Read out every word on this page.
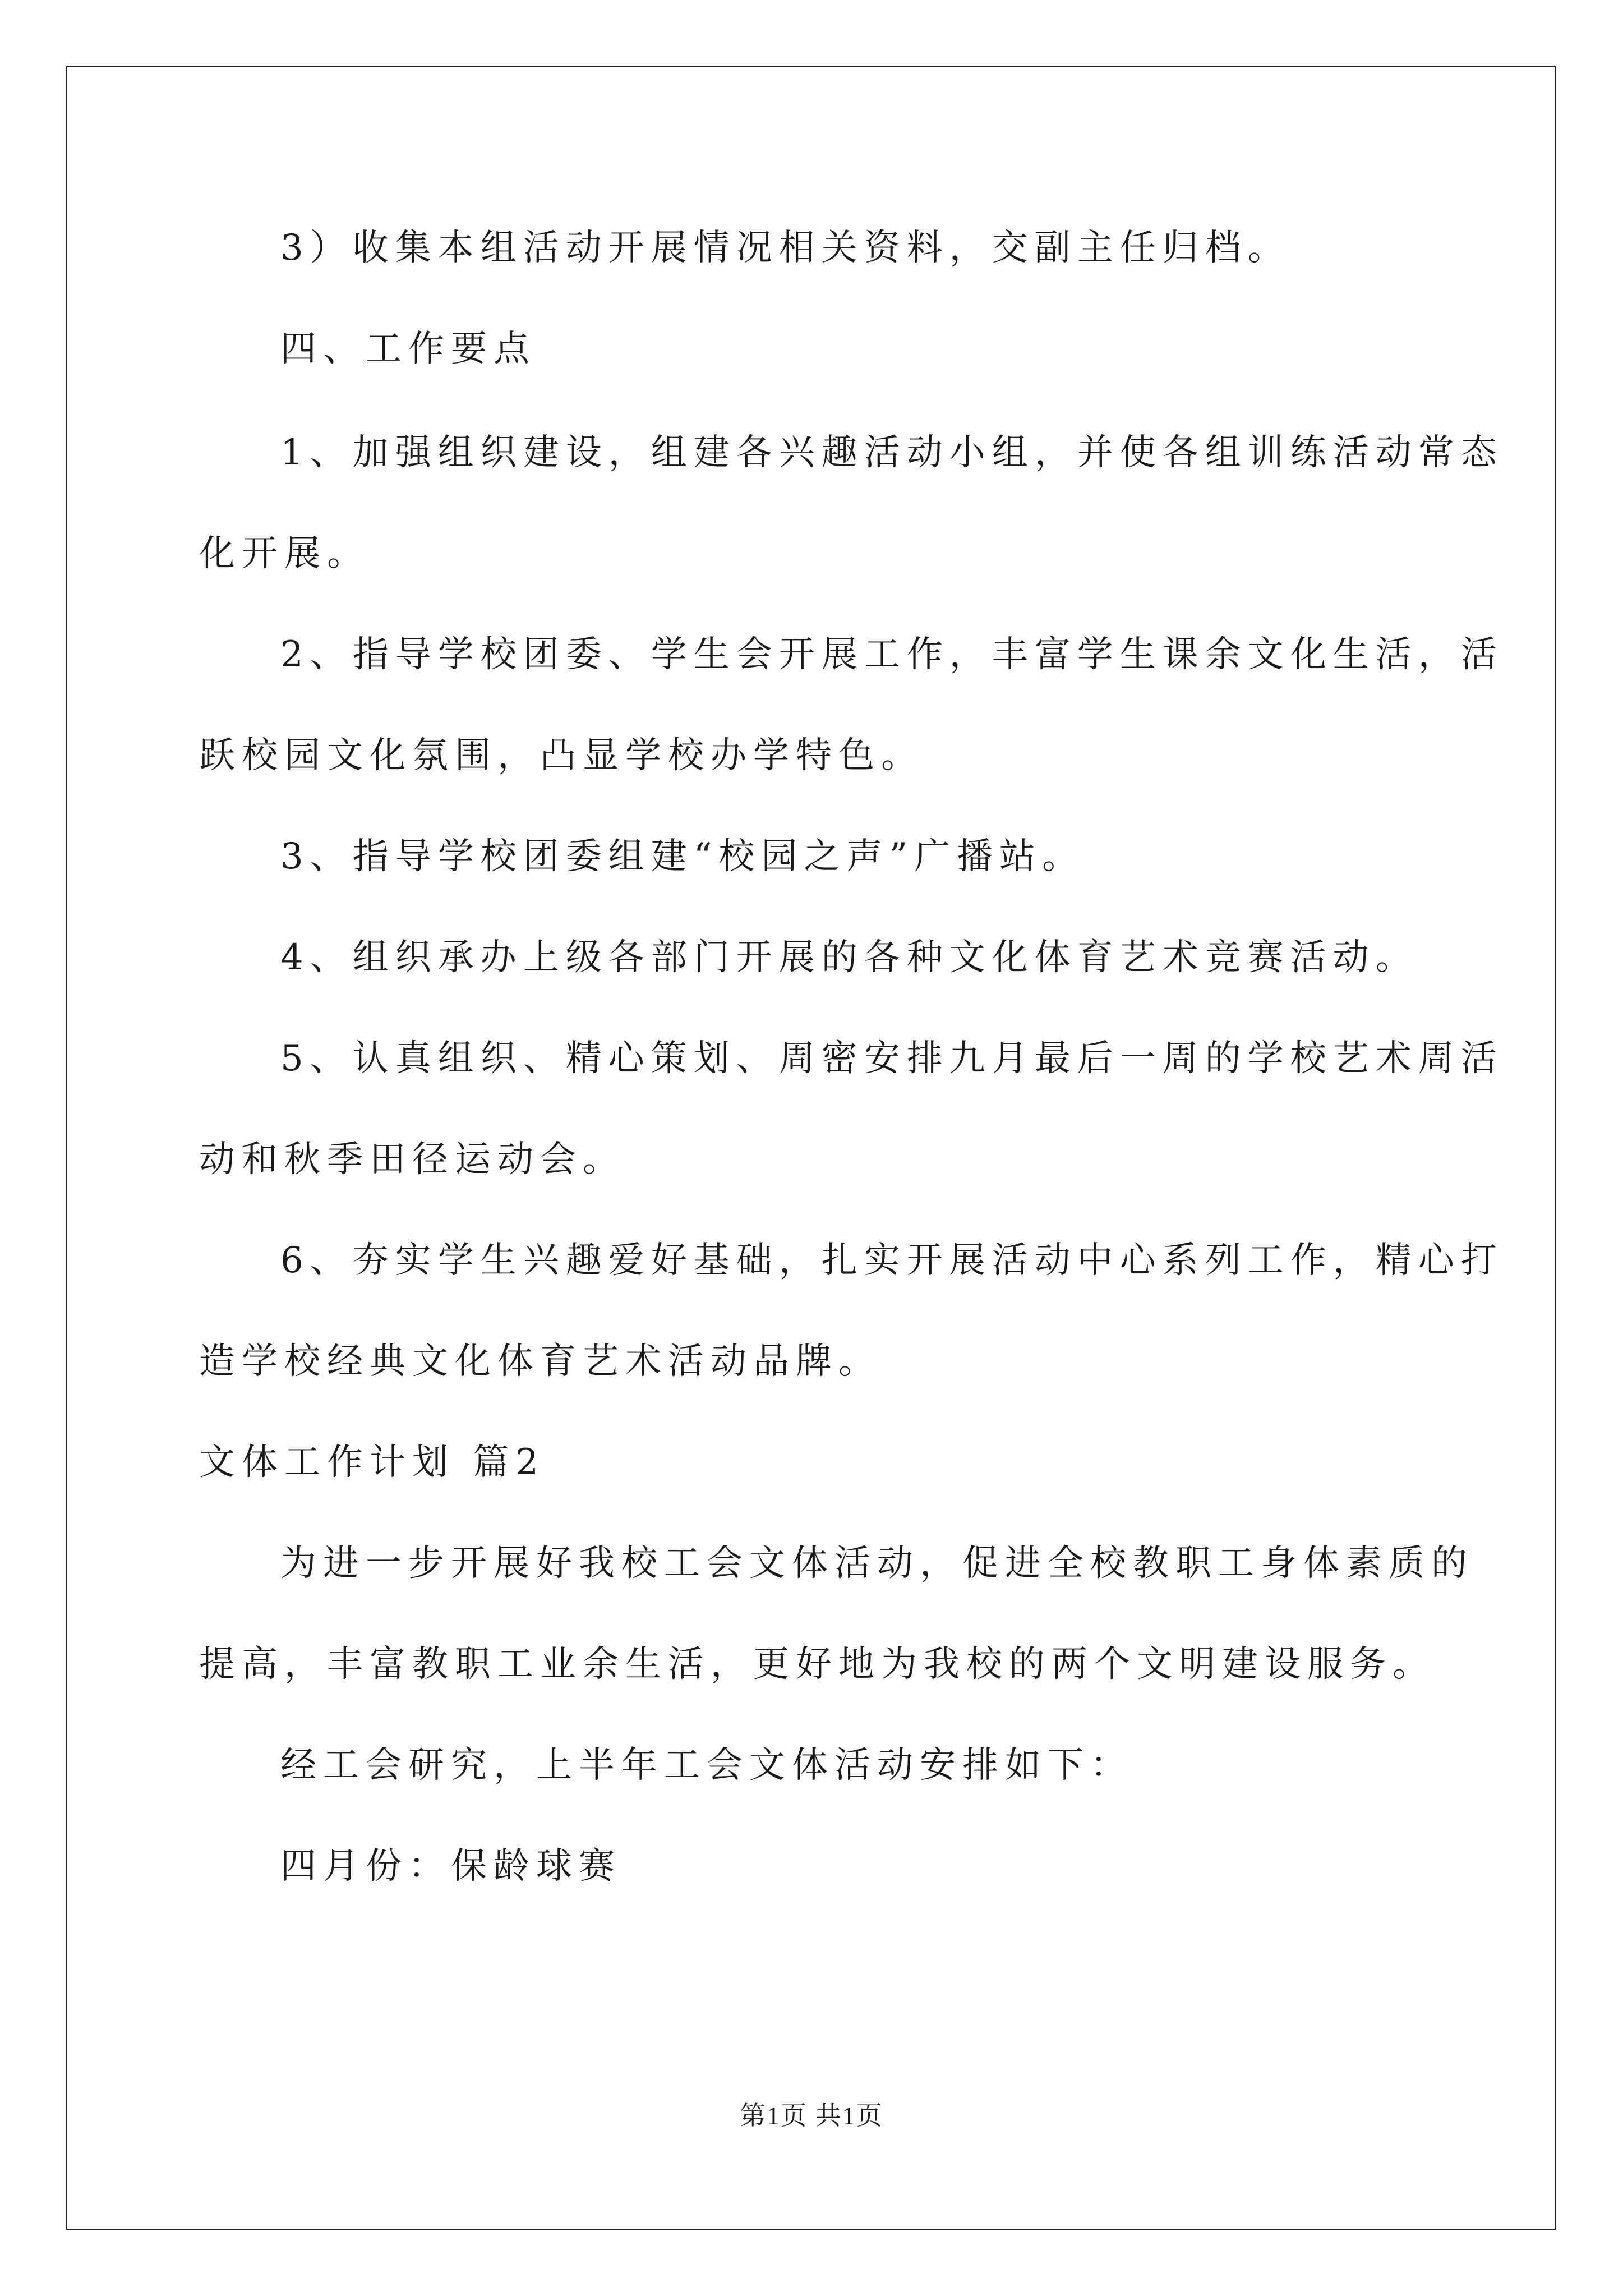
3）收集本组活动开展情况相关资料，交副主任归档。
四、工作要点
1、加强组织建设，组建各兴趣活动小组，并使各组训练活动常态
化开展。
2、指导学校团委、学生会开展工作，丰富学生课余文化生活，活
跃校园文化氛围，凸显学校办学特色。
3、指导学校团委组建“校园之声”广播站。
4、组织承办上级各部门开展的各种文化体育艺术竞赛活动。
5、认真组织、精心策划、周密安排九月最后一周的学校艺术周活
动和秋季田径运动会。
6、夯实学生兴趣爱好基础，扎实开展活动中心系列工作，精心打
造学校经典文化体育艺术活动品牌。
文体工作计划 篇2
为进一步开展好我校工会文体活动，促进全校教职工身体素质的
提高，丰富教职工业余生活，更好地为我校的两个文明建设服务。
经工会研究，上半年工会文体活动安排如下：
四月份：保龄球赛
第1页 共1页
